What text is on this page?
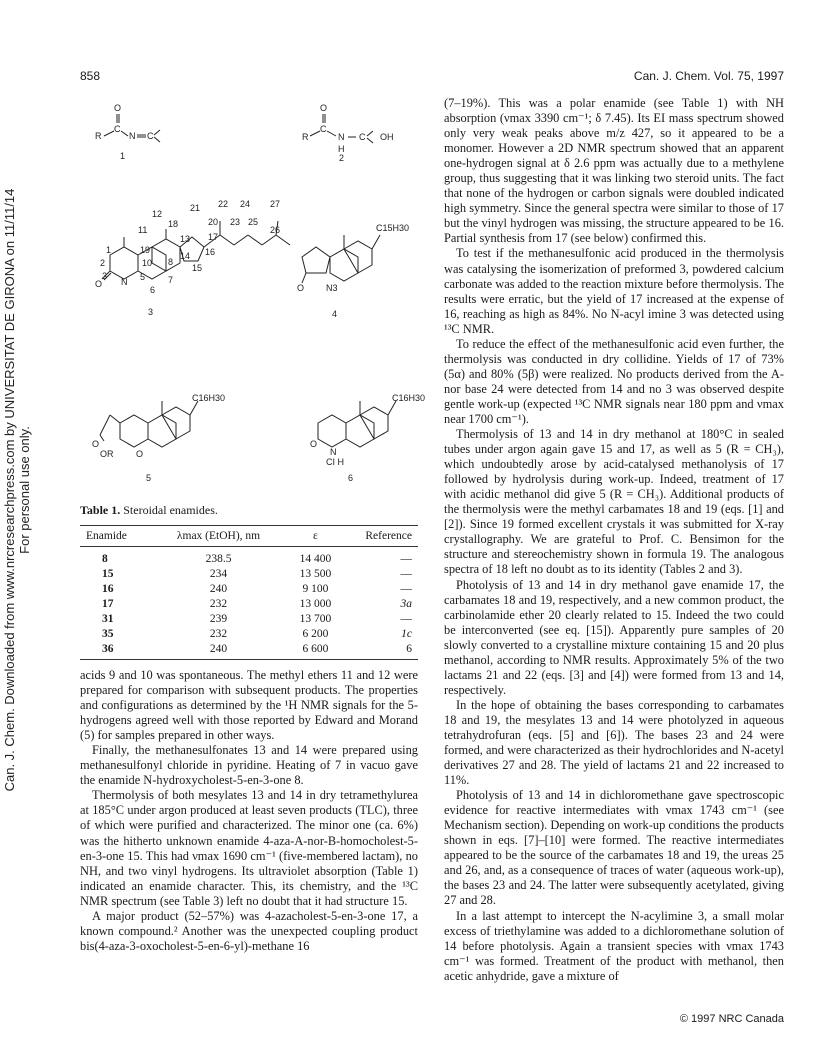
Can. J. Chem. Downloaded from www.nrcresearchpress.com by UNIVERSITAT DE GIRONA on 11/11/14 For personal use only.
858	Can. J. Chem. Vol. 75, 1997
O
C
R	N C
1
O
C
R	N
H
C OH
2
O N
1
2
19
10 8
14
13 17
16
15
18
21 22 24 27
20 23 25
26
12
11
5
6
7
3
3
O N3
C15H30
4
O
OR	O
C16H30
5
O
N
CI H
C16H30
6
Table 1. Steroidal enamides.
Enamide	λmax (EtOH), nm	ε	Reference
8	238.5	14 400	—
15	234	13 500	—
16	240	9 100	—
17	232	13 000	3a
31	239	13 700	—
35	232	6 200	1c
36	240	6 600	6

acids 9 and 10 was spontaneous. The methyl ethers 11 and 12 were prepared for comparison with subsequent products. The properties and configurations as determined by the ¹H NMR signals for the 5-hydrogens agreed well with those reported by Edward and Morand (5) for samples prepared in other ways.

Finally, the methanesulfonates 13 and 14 were prepared using methanesulfonyl chloride in pyridine. Heating of 7 in vacuo gave the enamide N-hydroxycholest-5-en-3-one 8.

Thermolysis of both mesylates 13 and 14 in dry tetramethylurea at 185°C under argon produced at least seven products (TLC), three of which were purified and characterized. The minor one (ca. 6%) was the hitherto unknown enamide 4-aza-A-nor-B-homocholest-5-en-3-one 15. This had νmax 1690 cm⁻¹ (five-membered lactam), no NH, and two vinyl hydrogens. Its ultraviolet absorption (Table 1) indicated an enamide character. This, its chemistry, and the ¹³C NMR spectrum (see Table 3) left no doubt that it had structure 15.

A major product (52–57%) was 4-azacholest-5-en-3-one 17, a known compound.² Another was the unexpected coupling product bis(4-aza-3-oxocholest-5-en-6-yl)-methane 16

(7–19%). This was a polar enamide (see Table 1) with NH absorption (νmax 3390 cm⁻¹; δ 7.45). Its EI mass spectrum showed only very weak peaks above m/z 427, so it appeared to be a monomer. However a 2D NMR spectrum showed that an apparent one-hydrogen signal at δ 2.6 ppm was actually due to a methylene group, thus suggesting that it was linking two steroid units. The fact that none of the hydrogen or carbon signals were doubled indicated high symmetry. Since the general spectra were similar to those of 17 but the vinyl hydrogen was missing, the structure appeared to be 16. Partial synthesis from 17 (see below) confirmed this.

To test if the methanesulfonic acid produced in the thermolysis was catalysing the isomerization of preformed 3, powdered calcium carbonate was added to the reaction mixture before thermolysis. The results were erratic, but the yield of 17 increased at the expense of 16, reaching as high as 84%. No N-acyl imine 3 was detected using ¹³C NMR.

To reduce the effect of the methanesulfonic acid even further, the thermolysis was conducted in dry collidine. Yields of 17 of 73% (5α) and 80% (5β) were realized. No products derived from the A-nor base 24 were detected from 14 and no 3 was observed despite gentle work-up (expected ¹³C NMR signals near 180 ppm and νmax near 1700 cm⁻¹).

Thermolysis of 13 and 14 in dry methanol at 180°C in sealed tubes under argon again gave 15 and 17, as well as 5 (R = CH₃), which undoubtedly arose by acid-catalysed methanolysis of 17 followed by hydrolysis during work-up. Indeed, treatment of 17 with acidic methanol did give 5 (R = CH₃). Additional products of the thermolysis were the methyl carbamates 18 and 19 (eqs. [1] and [2]). Since 19 formed excellent crystals it was submitted for X-ray crystallography. We are grateful to Prof. C. Bensimon for the structure and stereochemistry shown in formula 19. The analogous spectra of 18 left no doubt as to its identity (Tables 2 and 3).

Photolysis of 13 and 14 in dry methanol gave enamide 17, the carbamates 18 and 19, respectively, and a new common product, the carbinolamide ether 20 clearly related to 15. Indeed the two could be interconverted (see eq. [15]). Apparently pure samples of 20 slowly converted to a crystalline mixture containing 15 and 20 plus methanol, according to NMR results. Approximately 5% of the two lactams 21 and 22 (eqs. [3] and [4]) were formed from 13 and 14, respectively.

In the hope of obtaining the bases corresponding to carbamates 18 and 19, the mesylates 13 and 14 were photolyzed in aqueous tetrahydrofuran (eqs. [5] and [6]). The bases 23 and 24 were formed, and were characterized as their hydrochlorides and N-acetyl derivatives 27 and 28. The yield of lactams 21 and 22 increased to 11%.

Photolysis of 13 and 14 in dichloromethane gave spectroscopic evidence for reactive intermediates with νmax 1743 cm⁻¹ (see Mechanism section). Depending on work-up conditions the products shown in eqs. [7]–[10] were formed. The reactive intermediates appeared to be the source of the carbamates 18 and 19, the ureas 25 and 26, and, as a consequence of traces of water (aqueous work-up), the bases 23 and 24. The latter were subsequently acetylated, giving 27 and 28.

In a last attempt to intercept the N-acylimine 3, a small molar excess of triethylamine was added to a dichloromethane solution of 14 before photolysis. Again a transient species with νmax 1743 cm⁻¹ was formed. Treatment of the product with methanol, then acetic anhydride, gave a mixture of

© 1997 NRC Canada
